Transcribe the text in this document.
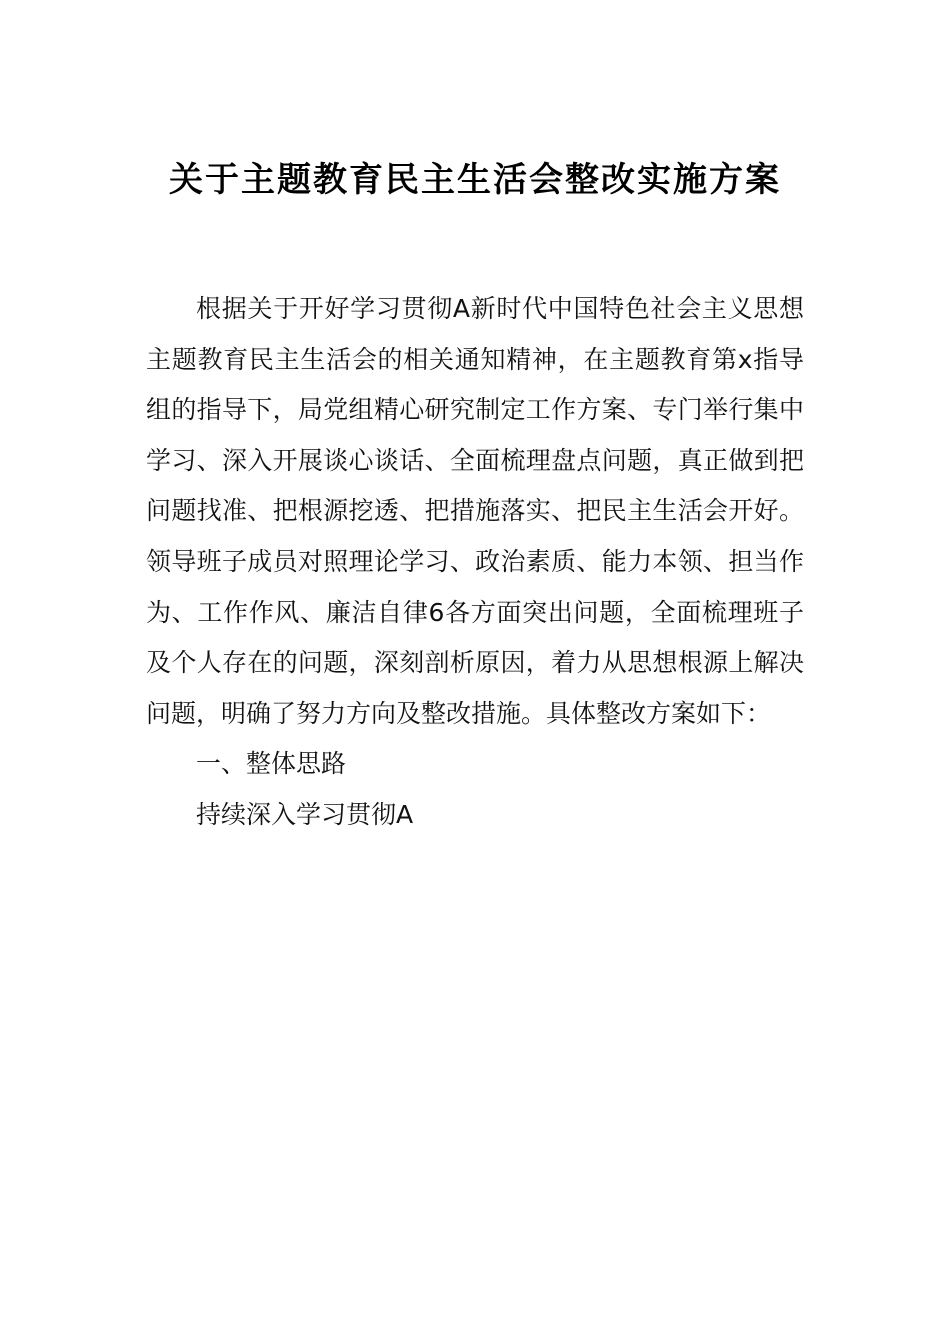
关于主题教育民主生活会整改实施方案

根据关于开好学习贯彻A新时代中国特色社会主义思想主题教育民主生活会的相关通知精神，在主题教育第x指导组的指导下，局党组精心研究制定工作方案、专门举行集中学习、深入开展谈心谈话、全面梳理盘点问题，真正做到把问题找准、把根源挖透、把措施落实、把民主生活会开好。领导班子成员对照理论学习、政治素质、能力本领、担当作为、工作作风、廉洁自律6各方面突出问题，全面梳理班子及个人存在的问题，深刻剖析原因，着力从思想根源上解决问题，明确了努力方向及整改措施。具体整改方案如下：

一、整体思路

持续深入学习贯彻A
